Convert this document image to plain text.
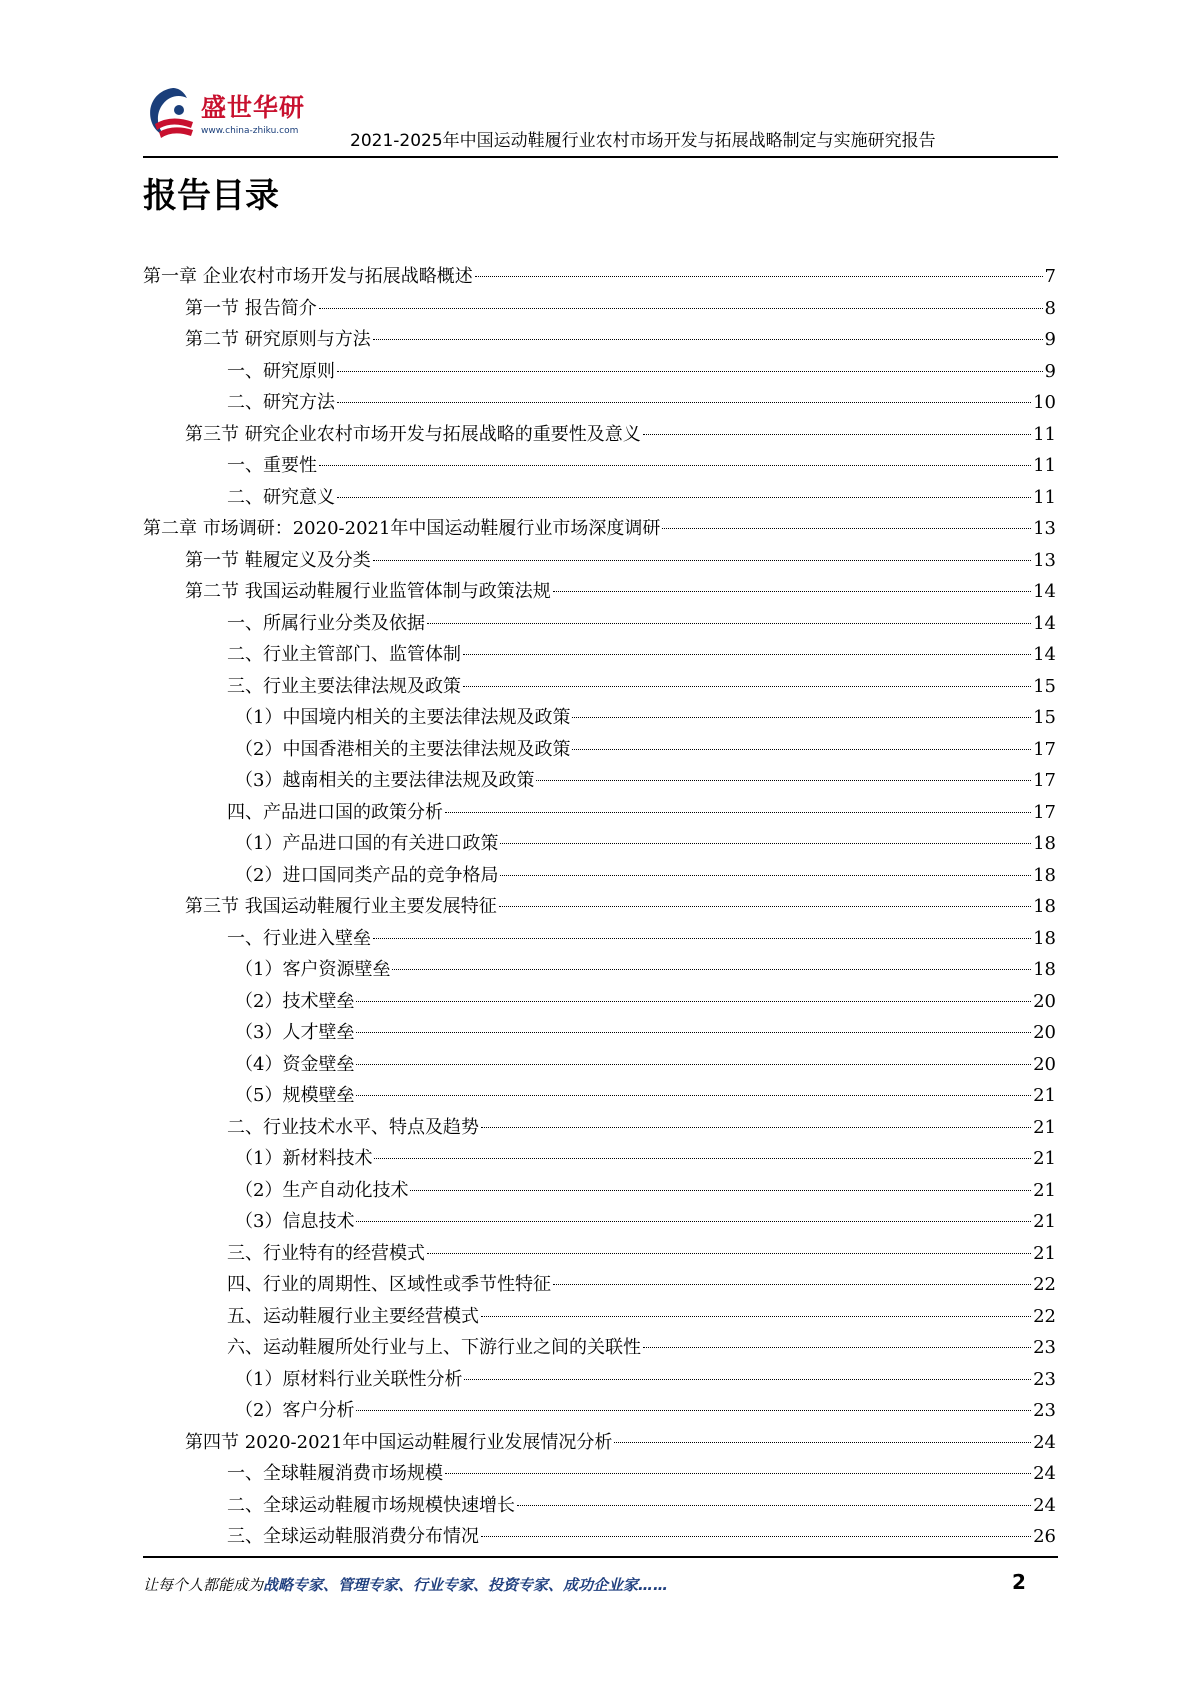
盛世华研
www.china-zhiku.com	2021-2025年中国运动鞋履行业农村市场开发与拓展战略制定与实施研究报告
报告目录
第一章 企业农村市场开发与拓展战略概述	7
第一节 报告简介	8
第二节 研究原则与方法	9
一、研究原则	9
二、研究方法	10
第三节 研究企业农村市场开发与拓展战略的重要性及意义	11
一、重要性	11
二、研究意义	11
第二章 市场调研：2020-2021年中国运动鞋履行业市场深度调研	13
第一节 鞋履定义及分类	13
第二节 我国运动鞋履行业监管体制与政策法规	14
一、所属行业分类及依据	14
二、行业主管部门、监管体制	14
三、行业主要法律法规及政策	15
（1）中国境内相关的主要法律法规及政策	15
（2）中国香港相关的主要法律法规及政策	17
（3）越南相关的主要法律法规及政策	17
四、产品进口国的政策分析	17
（1）产品进口国的有关进口政策	18
（2）进口国同类产品的竞争格局	18
第三节 我国运动鞋履行业主要发展特征	18
一、行业进入壁垒	18
（1）客户资源壁垒	18
（2）技术壁垒	20
（3）人才壁垒	20
（4）资金壁垒	20
（5）规模壁垒	21
二、行业技术水平、特点及趋势	21
（1）新材料技术	21
（2）生产自动化技术	21
（3）信息技术	21
三、行业特有的经营模式	21
四、行业的周期性、区域性或季节性特征	22
五、运动鞋履行业主要经营模式	22
六、运动鞋履所处行业与上、下游行业之间的关联性	23
（1）原材料行业关联性分析	23
（2）客户分析	23
第四节 2020-2021年中国运动鞋履行业发展情况分析	24
一、全球鞋履消费市场规模	24
二、全球运动鞋履市场规模快速增长	24
三、全球运动鞋服消费分布情况	26
让每个人都能成为战略专家、管理专家、行业专家、投资专家、成功企业家……	2
